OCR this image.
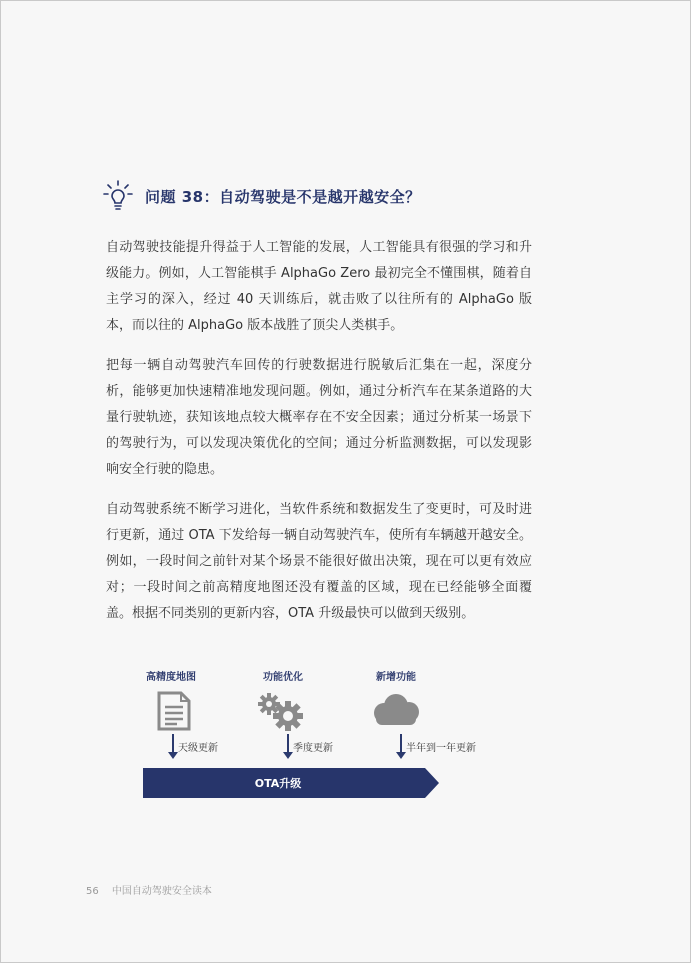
问题 38：自动驾驶是不是越开越安全？

自动驾驶技能提升得益于人工智能的发展，人工智能具有很强的学习和升级能力。例如，人工智能棋手 AlphaGo Zero 最初完全不懂围棋，随着自主学习的深入，经过 40 天训练后，就击败了以往所有的 AlphaGo 版本，而以往的 AlphaGo 版本战胜了顶尖人类棋手。

把每一辆自动驾驶汽车回传的行驶数据进行脱敏后汇集在一起，深度分析，能够更加快速精准地发现问题。例如，通过分析汽车在某条道路的大量行驶轨迹，获知该地点较大概率存在不安全因素；通过分析某一场景下的驾驶行为，可以发现决策优化的空间；通过分析监测数据，可以发现影响安全行驶的隐患。

自动驾驶系统不断学习进化，当软件系统和数据发生了变更时，可及时进行更新，通过 OTA 下发给每一辆自动驾驶汽车，使所有车辆越开越安全。例如，一段时间之前针对某个场景不能很好做出决策，现在可以更有效应对；一段时间之前高精度地图还没有覆盖的区域，现在已经能够全面覆盖。根据不同类别的更新内容，OTA 升级最快可以做到天级别。

高精度地图	功能优化	新增功能
天级更新	季度更新	半年到一年更新
OTA升级
56 中国自动驾驶安全读本
